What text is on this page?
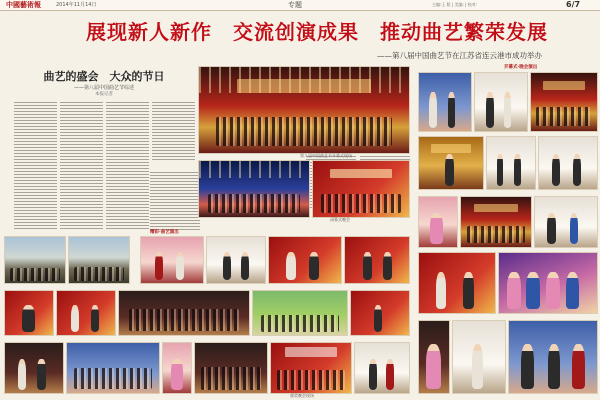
中國藝術報	2014年11月14日	专题	主编:王 版 | 美编: | 校对:	6/7
展现新人新作　交流创演成果　推动曲艺繁荣发展
——第八届中国曲艺节在江苏省连云港市成功举办
曲艺的盛会　大众的节日
——第八届中国曲艺节综述
本报记者
第八届中国曲艺节开幕式现场
闭幕式晚会
精彩·曲艺演出
颁奖晚会现场
开幕式·晚会演出
